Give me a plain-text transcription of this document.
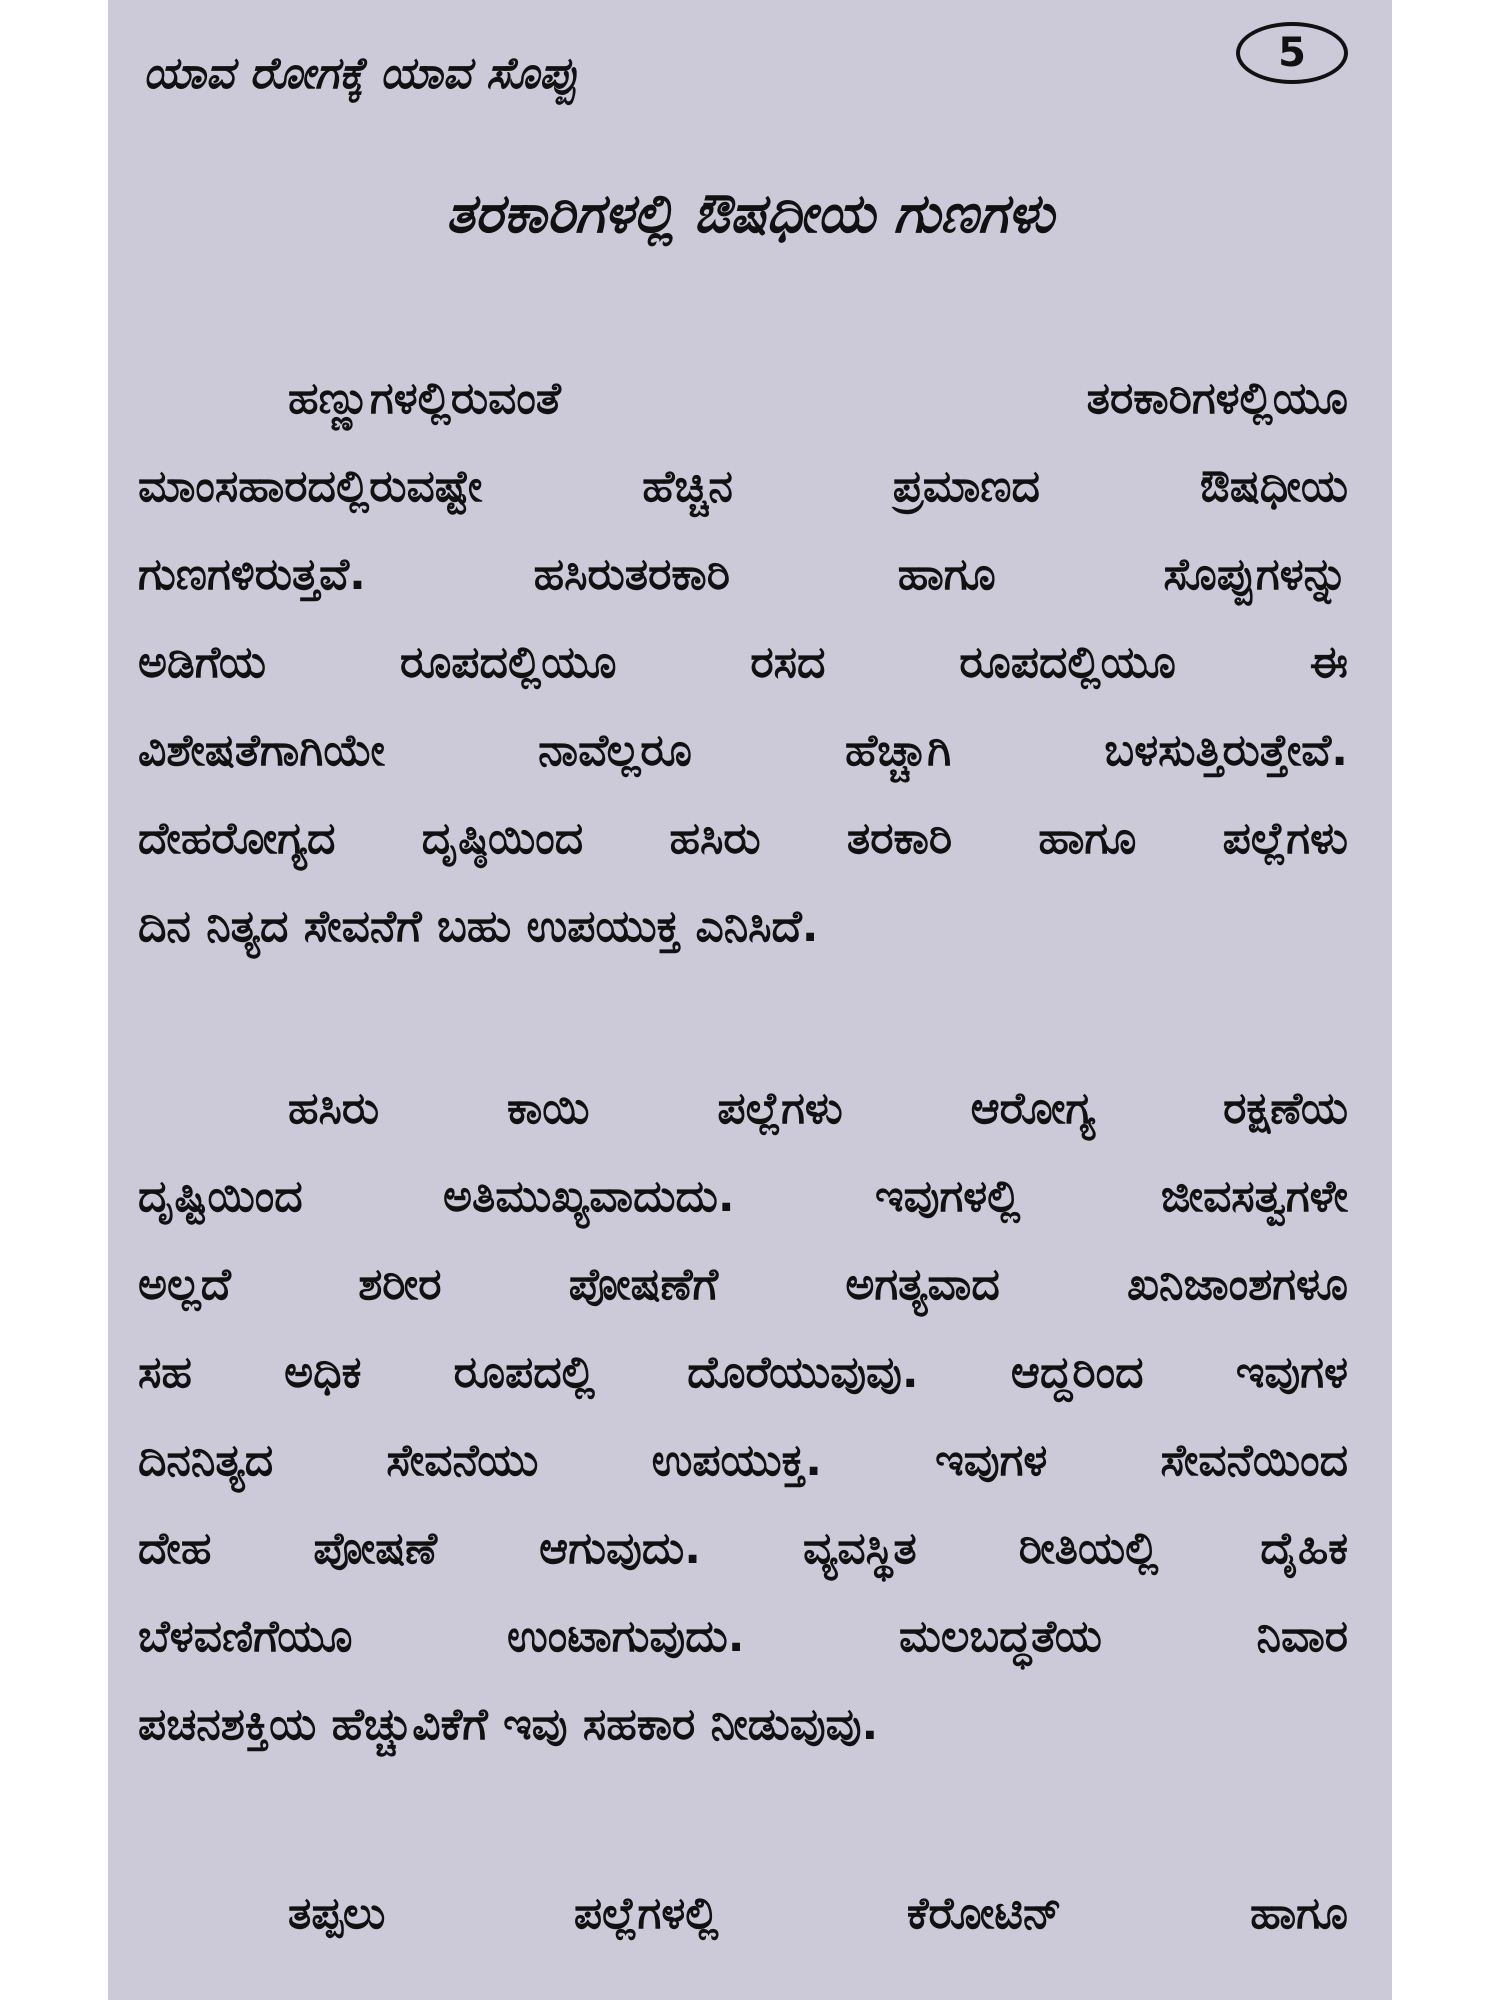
ಯಾವ ರೋಗಕ್ಕೆ ಯಾವ ಸೊಪ್ಪು	5
ತರಕಾರಿಗಳಲ್ಲಿ ಔಷಧೀಯ ಗುಣಗಳು
ಹಣ್ಣುಗಳಲ್ಲಿರುವಂತೆ ತರಕಾರಿಗಳಲ್ಲಿಯೂ
ಮಾಂಸಹಾರದಲ್ಲಿರುವಷ್ಟೇ ಹೆಚ್ಚಿನ ಪ್ರಮಾಣದ ಔಷಧೀಯ
ಗುಣಗಳಿರುತ್ತವೆ. ಹಸಿರುತರಕಾರಿ ಹಾಗೂ ಸೊಪ್ಪುಗಳನ್ನು
ಅಡಿಗೆಯ ರೂಪದಲ್ಲಿಯೂ ರಸದ ರೂಪದಲ್ಲಿಯೂ ಈ
ವಿಶೇಷತೆಗಾಗಿಯೇ ನಾವೆಲ್ಲರೂ ಹೆಚ್ಚಾಗಿ ಬಳಸುತ್ತಿರುತ್ತೇವೆ.
ದೇಹರೋಗ್ಯದ ದೃಷ್ಠಿಯಿಂದ ಹಸಿರು ತರಕಾರಿ ಹಾಗೂ ಪಲ್ಲೆಗಳು
ದಿನ ನಿತ್ಯದ ಸೇವನೆಗೆ ಬಹು ಉಪಯುಕ್ತ ಎನಿಸಿದೆ.
ಹಸಿರು ಕಾಯಿ ಪಲ್ಲೆಗಳು ಆರೋಗ್ಯ ರಕ್ಷಣೆಯ
ದೃಷ್ಟಿಯಿಂದ ಅತಿಮುಖ್ಯವಾದುದು. ಇವುಗಳಲ್ಲಿ ಜೀವಸತ್ವಗಳೇ
ಅಲ್ಲದೆ ಶರೀರ ಪೋಷಣೆಗೆ ಅಗತ್ಯವಾದ ಖನಿಜಾಂಶಗಳೂ
ಸಹ ಅಧಿಕ ರೂಪದಲ್ಲಿ ದೊರೆಯುವುವು. ಆದ್ದರಿಂದ ಇವುಗಳ
ದಿನನಿತ್ಯದ ಸೇವನೆಯು ಉಪಯುಕ್ತ. ಇವುಗಳ ಸೇವನೆಯಿಂದ
ದೇಹ ಪೋಷಣೆ ಆಗುವುದು. ವ್ಯವಸ್ಥಿತ ರೀತಿಯಲ್ಲಿ ದೈಹಿಕ
ಬೆಳವಣಿಗೆಯೂ ಉಂಟಾಗುವುದು. ಮಲಬದ್ಧತೆಯ ನಿವಾರ
ಪಚನಶಕ್ತಿಯ ಹೆಚ್ಚುವಿಕೆಗೆ ಇವು ಸಹಕಾರ ನೀಡುವುವು.
ತಪ್ಪಲು ಪಲ್ಲೆಗಳಲ್ಲಿ ಕೆರೋಟಿನ್ ಹಾಗೂ
